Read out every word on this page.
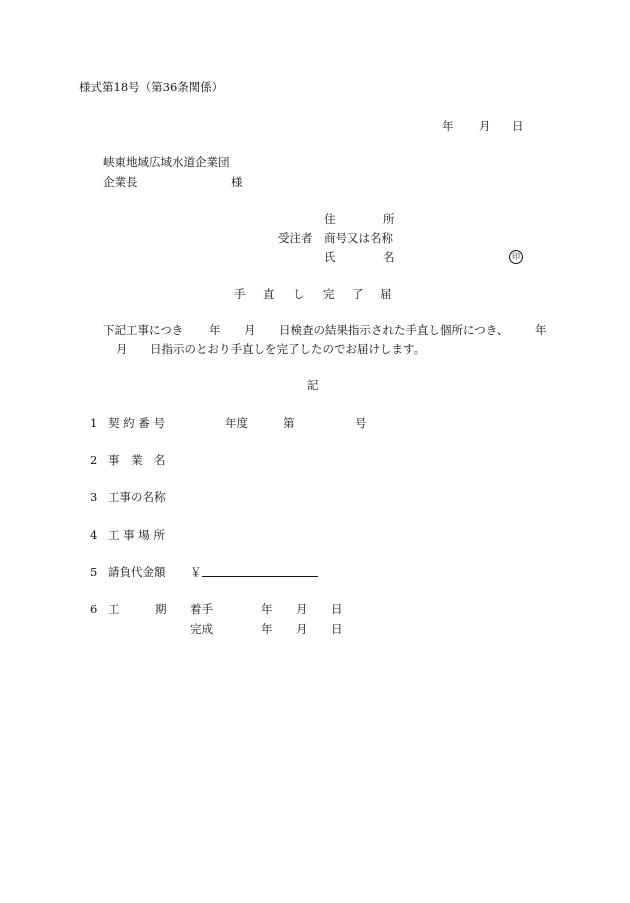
様式第18号（第36条関係）
年 月 日
峡東地域広域水道企業団
企業長	様
住	所
受注者 商号又は名称
氏	名	印
手 直 し 完 了 届
下記工事につき 年 月 日検査の結果指示された手直し個所につき、 年
月 日指示のとおり手直しを完了したのでお届けします。
記
1 契 約 番 号	年度	第	号
2 事　業　名
3 工事の名称
4 工 事 場 所
5 請負代金額 ￥
6 工	期 着手	年 月 日
完成	年 月 日
